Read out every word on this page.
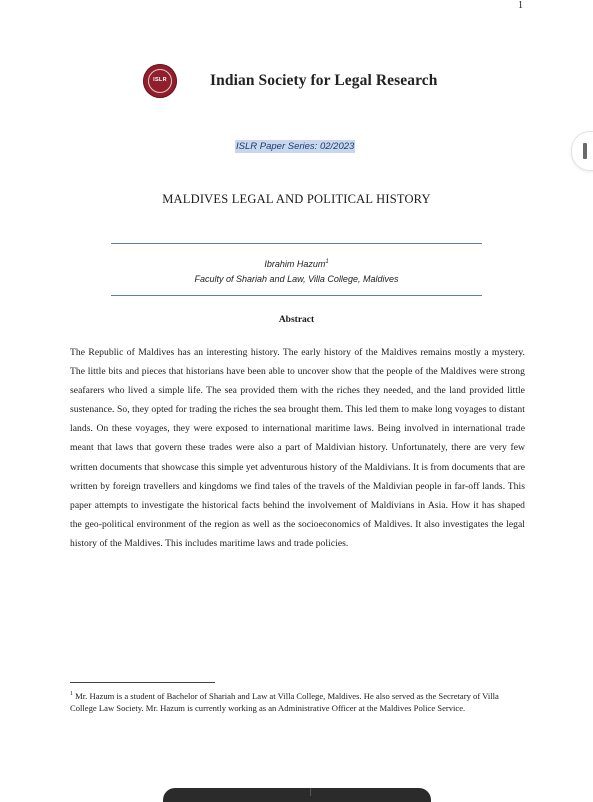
1
ISLR	Indian Society for Legal Research
ISLR Paper Series: 02/2023
MALDIVES LEGAL AND POLITICAL HISTORY
Ibrahim Hazum$^1$
Faculty of Shariah and Law, Villa College, Maldives
Abstract

The Republic of Maldives has an interesting history. The early history of the Maldives remains mostly a mystery. The little bits and pieces that historians have been able to uncover show that the people of the Maldives were strong seafarers who lived a simple life. The sea provided them with the riches they needed, and the land provided little sustenance. So, they opted for trading the riches the sea brought them. This led them to make long voyages to distant lands. On these voyages, they were exposed to international maritime laws. Being involved in international trade meant that laws that govern these trades were also a part of Maldivian history. Unfortunately, there are very few written documents that showcase this simple yet adventurous history of the Maldivians. It is from documents that are written by foreign travellers and kingdoms we find tales of the travels of the Maldivian people in far-off lands. This paper attempts to investigate the historical facts behind the involvement of Maldivians in Asia. How it has shaped the geo-political environment of the region as well as the socioeconomics of Maldives. It also investigates the legal history of the Maldives. This includes maritime laws and trade policies.

$^1$ Mr. Hazum is a student of Bachelor of Shariah and Law at Villa College, Maldives. He also served as the Secretary of Villa College Law Society. Mr. Hazum is currently working as an Administrative Officer at the Maldives Police Service.
